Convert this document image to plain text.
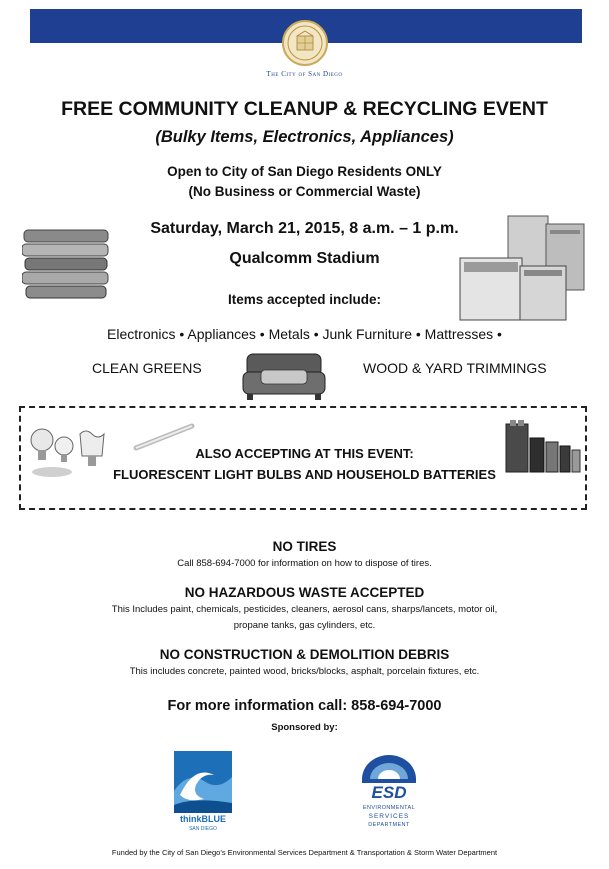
The City of San Diego
FREE COMMUNITY CLEANUP & RECYCLING EVENT
(Bulky Items, Electronics, Appliances)
Open to City of San Diego Residents ONLY
(No Business or Commercial Waste)
Saturday, March 21, 2015, 8 a.m. – 1 p.m.
Qualcomm Stadium
Items accepted include:
Electronics • Appliances • Metals • Junk Furniture • Mattresses •
CLEAN GREENS	WOOD & YARD TRIMMINGS
ALSO ACCEPTING AT THIS EVENT:
FLUORESCENT LIGHT BULBS AND HOUSEHOLD BATTERIES
NO TIRES
Call 858-694-7000 for information on how to dispose of tires.
NO HAZARDOUS WASTE ACCEPTED
This Includes paint, chemicals, pesticides, cleaners, aerosol cans, sharps/lancets, motor oil,
propane tanks, gas cylinders, etc.
NO CONSTRUCTION & DEMOLITION DEBRIS
This includes concrete, painted wood, bricks/blocks, asphalt, porcelain fixtures, etc.
For more information call: 858-694-7000
Sponsored by:
thinkBLUE
SAN DIEGO
ESD
ENVIRONMENTAL
SERVICES
DEPARTMENT
Funded by the City of San Diego’s Environmental Services Department & Transportation & Storm Water Department
